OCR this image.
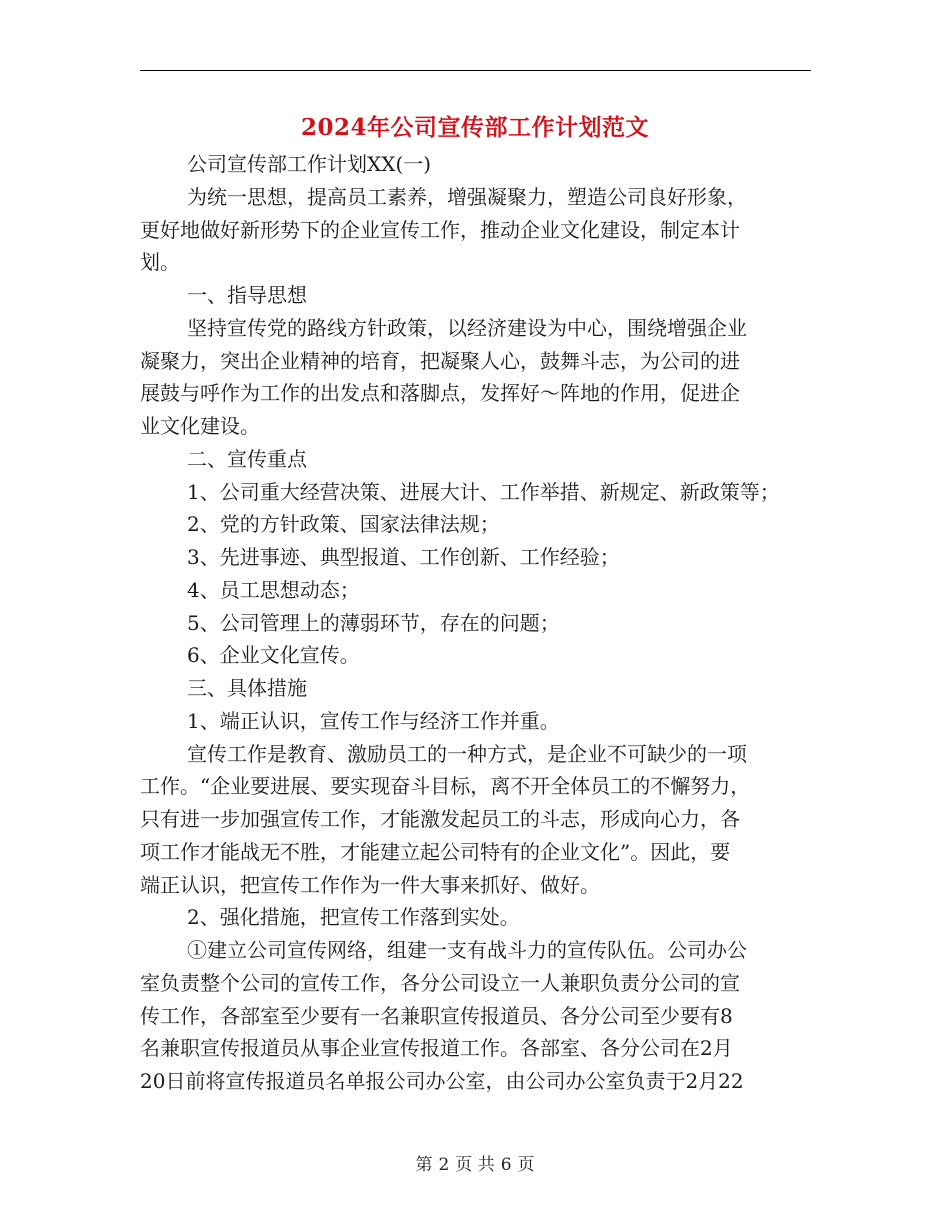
2024年公司宣传部工作计划范文

公司宣传部工作计划XX(一)

为统一思想，提高员工素养，增强凝聚力，塑造公司良好形象，

更好地做好新形势下的企业宣传工作，推动企业文化建设，制定本计

划。

一、指导思想

坚持宣传党的路线方针政策，以经济建设为中心，围绕增强企业

凝聚力，突出企业精神的培育，把凝聚人心，鼓舞斗志，为公司的进

展鼓与呼作为工作的出发点和落脚点，发挥好～阵地的作用，促进企

业文化建设。

二、宣传重点

1、公司重大经营决策、进展大计、工作举措、新规定、新政策等；

2、党的方针政策、国家法律法规；

3、先进事迹、典型报道、工作创新、工作经验；

4、员工思想动态；

5、公司管理上的薄弱环节，存在的问题；

6、企业文化宣传。

三、具体措施

1、端正认识，宣传工作与经济工作并重。

宣传工作是教育、激励员工的一种方式，是企业不可缺少的一项

工作。“企业要进展、要实现奋斗目标，离不开全体员工的不懈努力，

只有进一步加强宣传工作，才能激发起员工的斗志，形成向心力，各

项工作才能战无不胜，才能建立起公司特有的企业文化”。因此，要

端正认识，把宣传工作作为一件大事来抓好、做好。

2、强化措施，把宣传工作落到实处。

①建立公司宣传网络，组建一支有战斗力的宣传队伍。公司办公

室负责整个公司的宣传工作，各分公司设立一人兼职负责分公司的宣

传工作，各部室至少要有一名兼职宣传报道员、各分公司至少要有8

名兼职宣传报道员从事企业宣传报道工作。各部室、各分公司在2月

20日前将宣传报道员名单报公司办公室，由公司办公室负责于2月22

第 2 页 共 6 页
